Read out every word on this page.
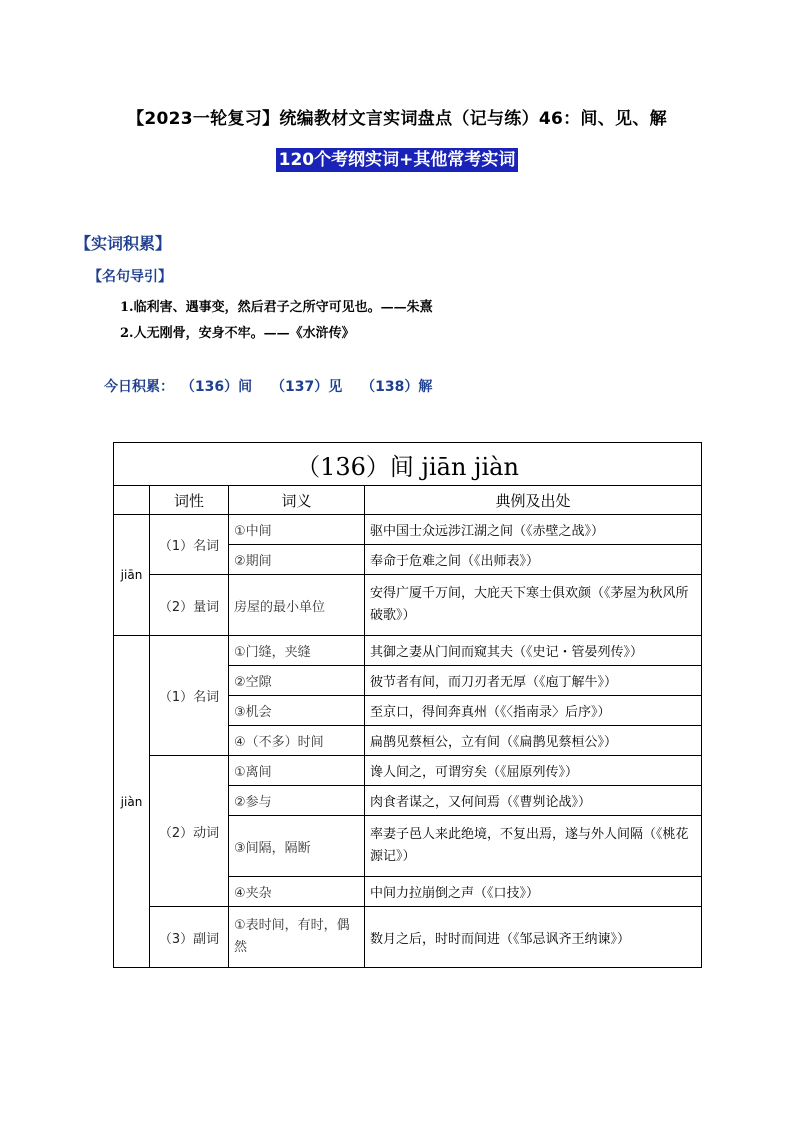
【2023一轮复习】统编教材文言实词盘点（记与练）46：间、见、解
120个考纲实词+其他常考实词
【实词积累】
【名句导引】
1.临利害、遇事变，然后君子之所守可见也。——朱熹
2.人无刚骨，安身不牢。——《水浒传》
今日积累： （136）间 （137）见 （138）解
（136）间 jiān jiàn			
	词性	词义	典例及出处
jiān	（1）名词	①中间	驱中国士众远涉江湖之间（《赤壁之战》）
		②期间	奉命于危难之间（《出师表》）
	（2）量词	房屋的最小单位	安得广厦千万间，大庇天下寒士俱欢颜（《茅屋为秋风所破歌》）
jiàn	（1）名词	①门缝，夹缝	其御之妻从门间而窥其夫（《史记・管晏列传》）
		②空隙	彼节者有间，而刀刃者无厚（《庖丁解牛》）
		③机会	至京口，得间奔真州（《〈指南录〉后序》）
		④（不多）时间	扁鹊见蔡桓公，立有间（《扁鹊见蔡桓公》）
	（2）动词	①离间	谗人间之，可谓穷矣（《屈原列传》）
		②参与	肉食者谋之，又何间焉（《曹刿论战》）
		③间隔，隔断	率妻子邑人来此绝境，不复出焉，遂与外人间隔（《桃花源记》）
		④夹杂	中间力拉崩倒之声（《口技》）
	（3）副词	①表时间，有时，偶然	数月之后，时时而间进（《邹忌讽齐王纳谏》）
